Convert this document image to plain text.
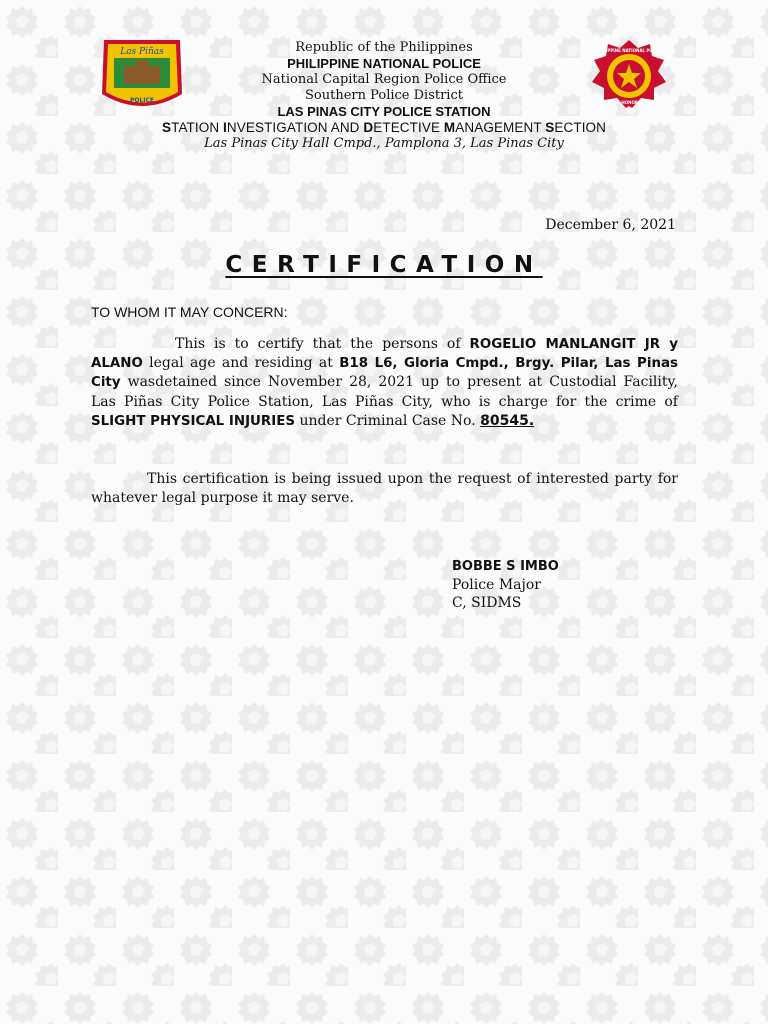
Las Piñas
POLICE
PHILIPPINE NATIONAL POLICE
SERVICE HONOR JUSTICE
Republic of the Philippines
PHILIPPINE NATIONAL POLICE
National Capital Region Police Office
Southern Police District
LAS PINAS CITY POLICE STATION
STATION INVESTIGATION AND DETECTIVE MANAGEMENT SECTION
Las Pinas City Hall Cmpd., Pamplona 3, Las Pinas City
December 6, 2021
CERTIFICATION
TO WHOM IT MAY CONCERN:
This is to certify that the persons of ROGELIO MANLANGIT JR y ALANO legal age and residing at B18 L6, Gloria Cmpd., Brgy. Pilar, Las Pinas City wasdetained since November 28, 2021 up to present at Custodial Facility, Las Piñas City Police Station, Las Piñas City, who is charge for the crime of SLIGHT PHYSICAL INJURIES under Criminal Case No. 80545.
This certification is being issued upon the request of interested party for whatever legal purpose it may serve.
BOBBE S IMBO
Police Major
C, SIDMS
